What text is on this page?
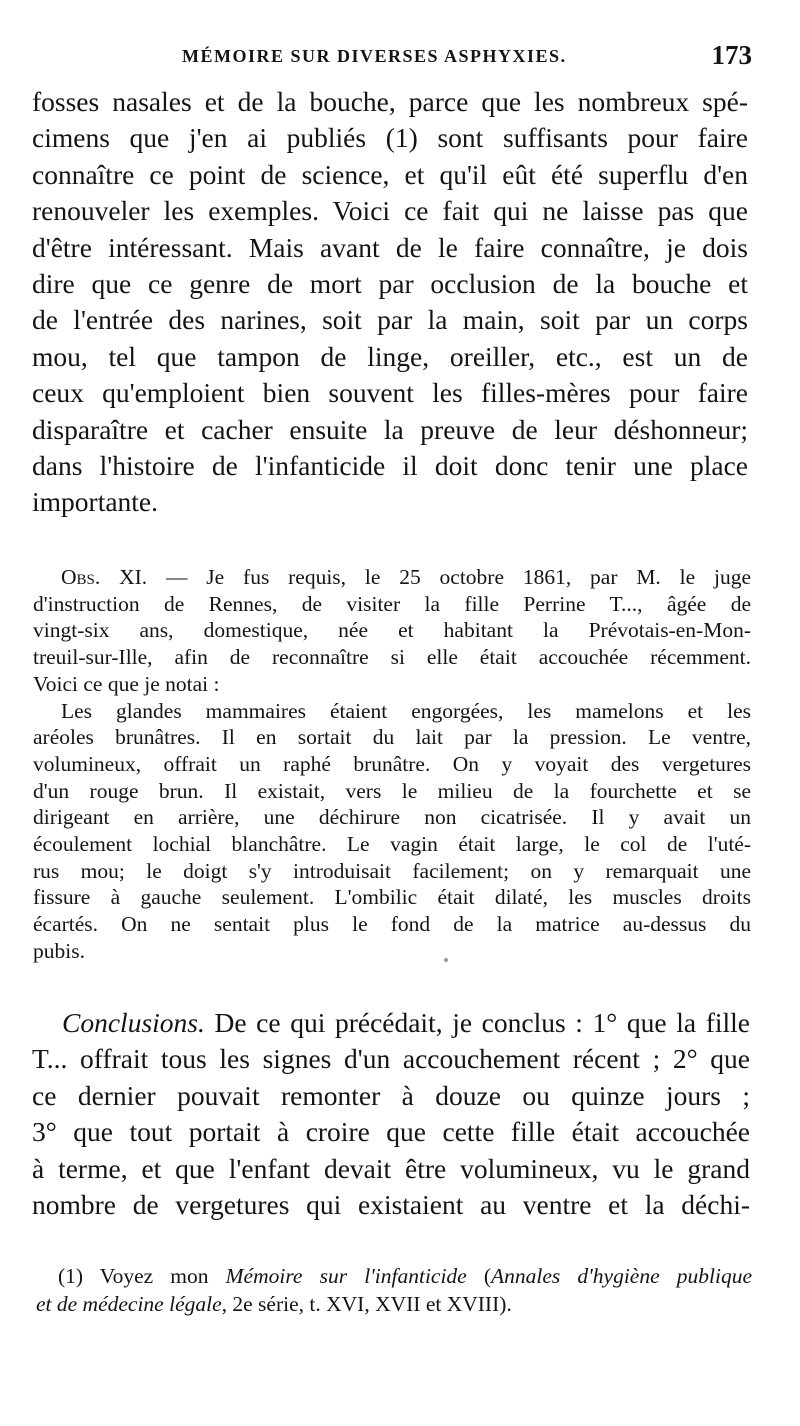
MÉMOIRE SUR DIVERSES ASPHYXIES.	173
fosses nasales et de la bouche, parce que les nombreux spé-
cimens que j'en ai publiés (1) sont suffisants pour faire
connaître ce point de science, et qu'il eût été superflu d'en
renouveler les exemples. Voici ce fait qui ne laisse pas que
d'être intéressant. Mais avant de le faire connaître, je dois
dire que ce genre de mort par occlusion de la bouche et
de l'entrée des narines, soit par la main, soit par un corps
mou, tel que tampon de linge, oreiller, etc., est un de
ceux qu'emploient bien souvent les filles-mères pour faire
disparaître et cacher ensuite la preuve de leur déshonneur;
dans l'histoire de l'infanticide il doit donc tenir une place
importante.
Obs. XI. — Je fus requis, le 25 octobre 1861, par M. le juge
d'instruction de Rennes, de visiter la fille Perrine T..., âgée de
vingt-six ans, domestique, née et habitant la Prévotais-en-Mon-
treuil-sur-Ille, afin de reconnaître si elle était accouchée récemment.
Voici ce que je notai :
Les glandes mammaires étaient engorgées, les mamelons et les
aréoles brunâtres. Il en sortait du lait par la pression. Le ventre,
volumineux, offrait un raphé brunâtre. On y voyait des vergetures
d'un rouge brun. Il existait, vers le milieu de la fourchette et se
dirigeant en arrière, une déchirure non cicatrisée. Il y avait un
écoulement lochial blanchâtre. Le vagin était large, le col de l'uté-
rus mou; le doigt s'y introduisait facilement; on y remarquait une
fissure à gauche seulement. L'ombilic était dilaté, les muscles droits
écartés. On ne sentait plus le fond de la matrice au-dessus du
pubis.
Conclusions. De ce qui précédait, je conclus : 1° que la fille
T... offrait tous les signes d'un accouchement récent ; 2° que
ce dernier pouvait remonter à douze ou quinze jours ;
3° que tout portait à croire que cette fille était accouchée
à terme, et que l'enfant devait être volumineux, vu le grand
nombre de vergetures qui existaient au ventre et la déchi-
(1) Voyez mon Mémoire sur l'infanticide (Annales d'hygiène publique
et de médecine légale, 2e série, t. XVI, XVII et XVIII).
